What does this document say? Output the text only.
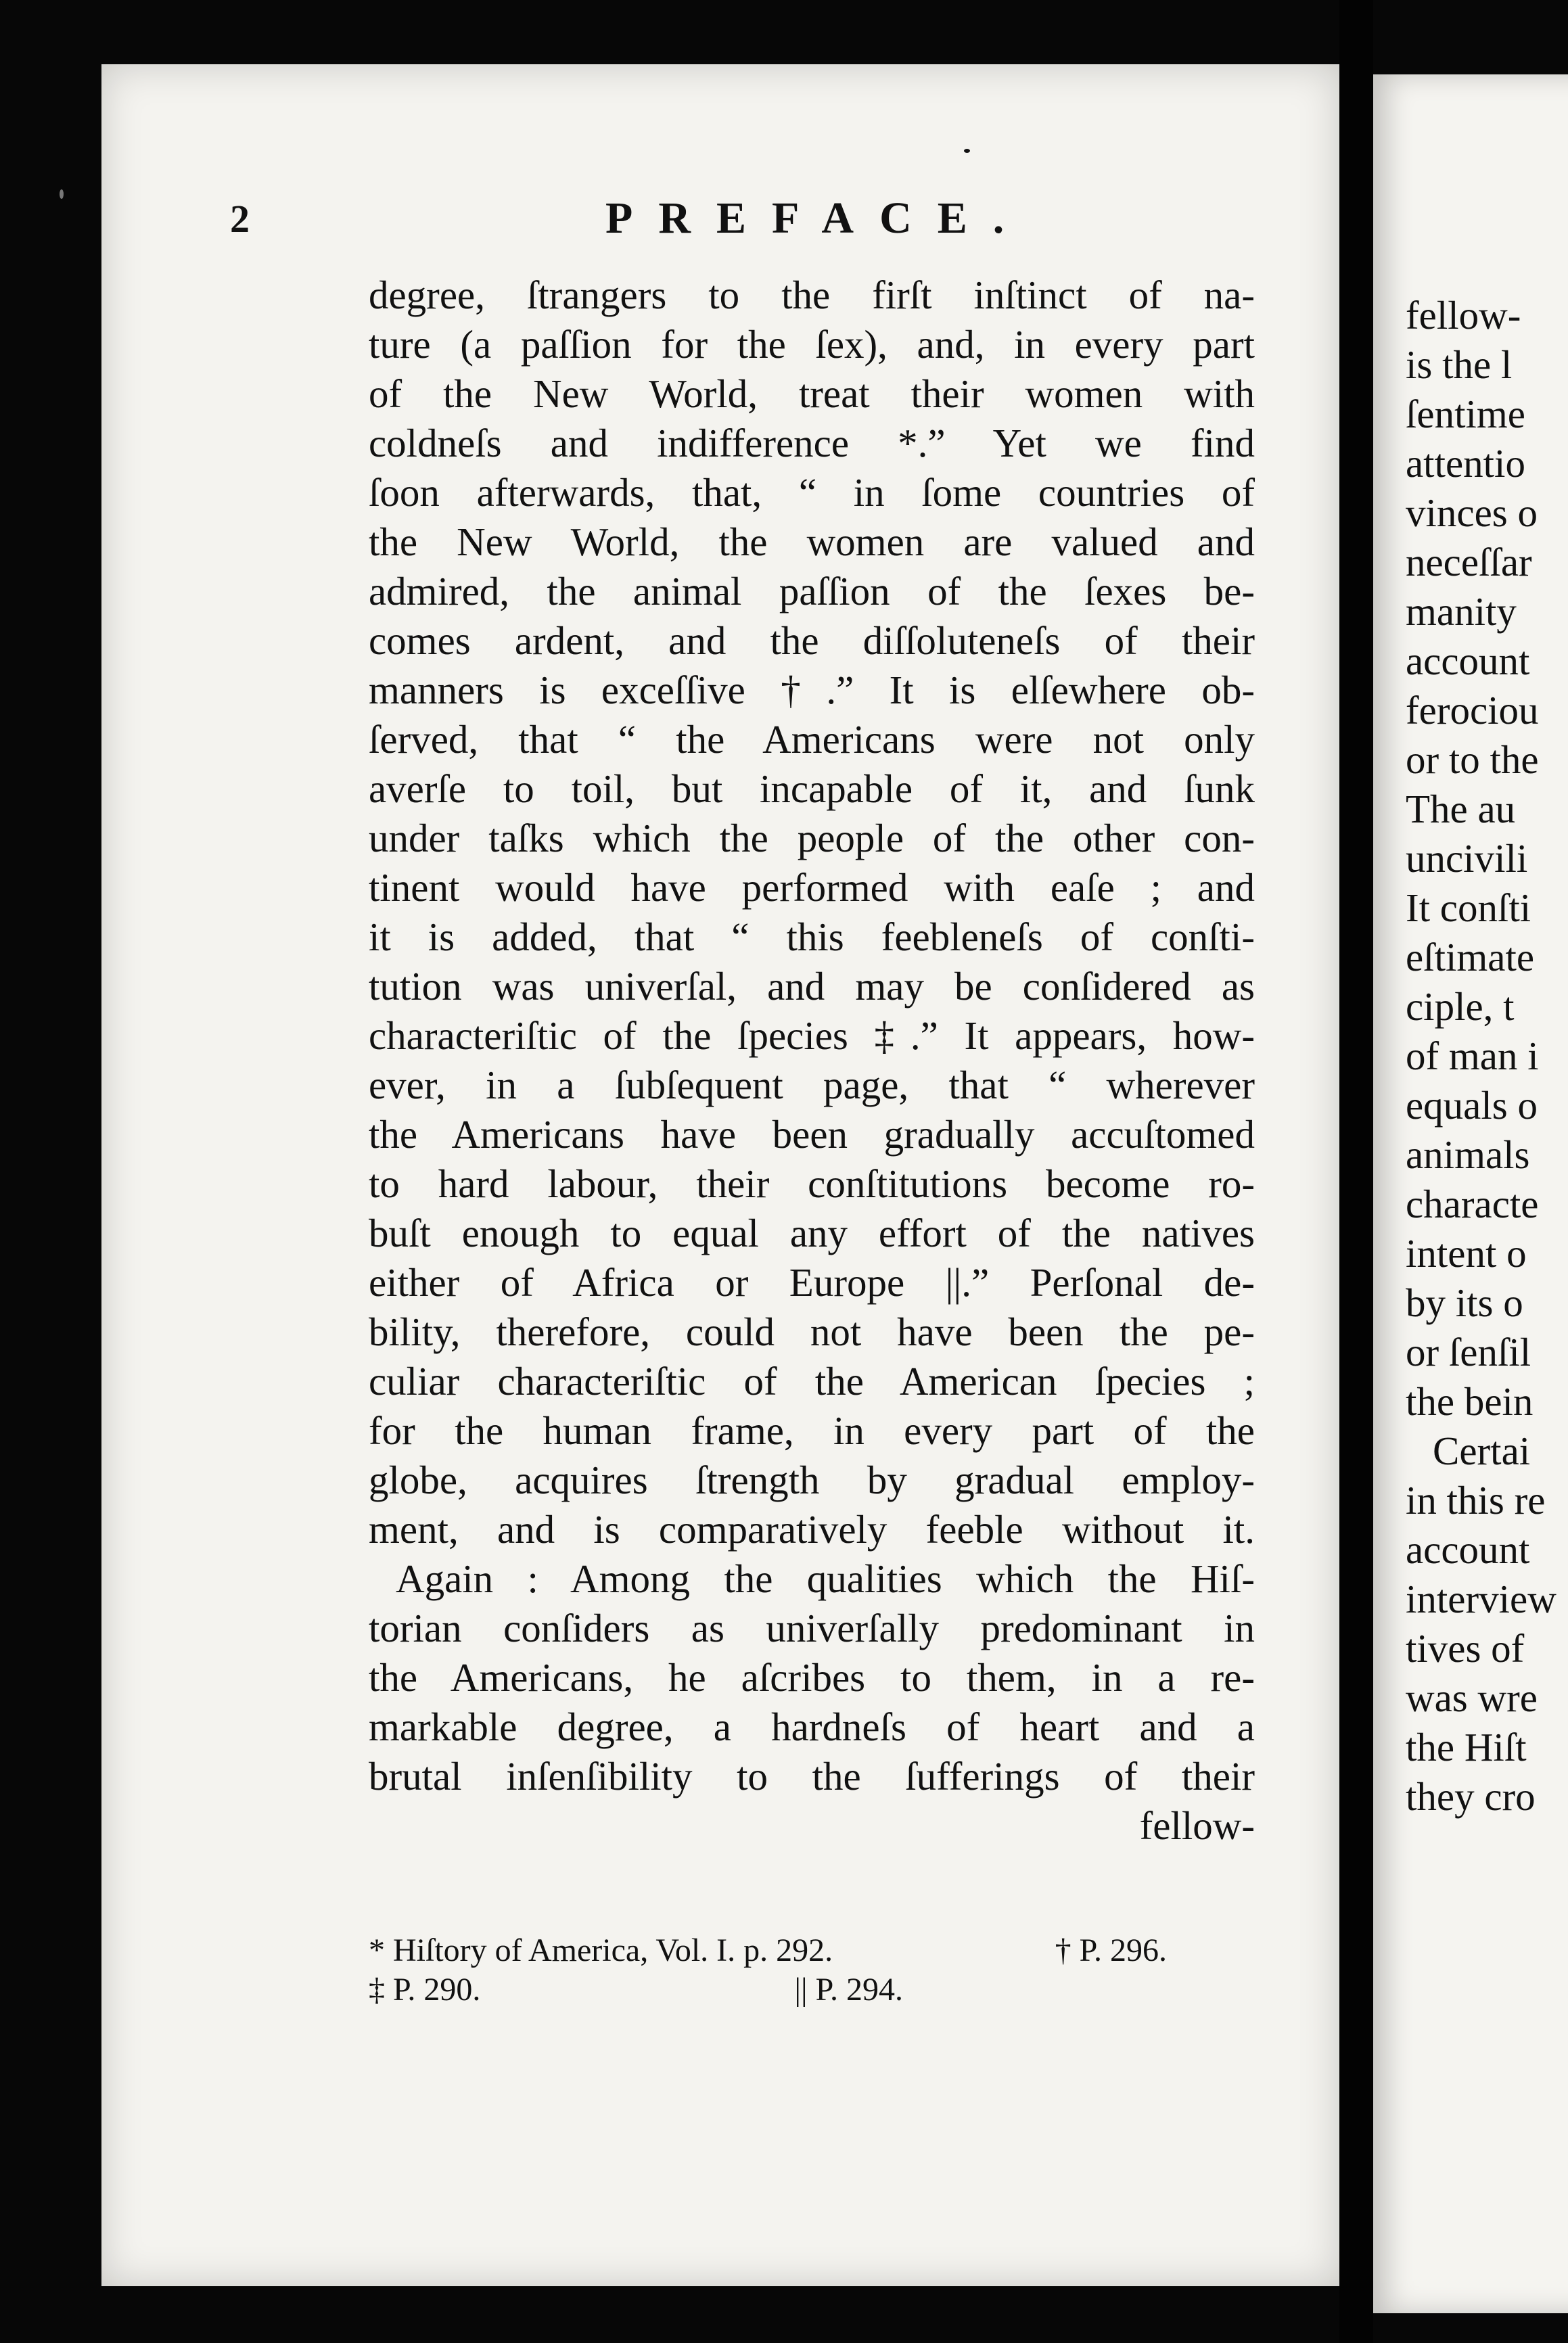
2	PREFACE.
degree, ſtrangers to the firſt inſtinct of na-
ture (a paſſion for the ſex), and, in every part
of the New World, treat their women with
coldneſs and indifference *.” Yet we find
ſoon afterwards, that, “ in ſome countries of
the New World, the women are valued and
admired, the animal paſſion of the ſexes be-
comes ardent, and the diſſoluteneſs of their
manners is exceſſive †.” It is elſewhere ob-
ſerved, that “ the Americans were not only
averſe to toil, but incapable of it, and ſunk
under taſks which the people of the other con-
tinent would have performed with eaſe ; and
it is added, that “ this feebleneſs of conſti-
tution was univerſal, and may be conſidered as
characteriſtic of the ſpecies ‡.” It appears, how-
ever, in a ſubſequent page, that “ wherever
the Americans have been gradually accuſtomed
to hard labour, their conſtitutions become ro-
buſt enough to equal any effort of the natives
either of Africa or Europe ||.” Perſonal de-
bility, therefore, could not have been the pe-
culiar characteriſtic of the American ſpecies ;
for the human frame, in every part of the
globe, acquires ſtrength by gradual employ-
ment, and is comparatively feeble without it.
Again : Among the qualities which the Hiſ-
torian conſiders as univerſally predominant in
the Americans, he aſcribes to them, in a re-
markable degree, a hardneſs of heart and a
brutal inſenſibility to the ſufferings of their
fellow-
* Hiſtory of America, Vol. I. p. 292.	† P. 296.
‡ P. 290.	|| P. 294.
fellow-
is the l
ſentime
attentio
vinces o
neceſſar
manity
account
ferociou
or to the
The au
uncivili
It conſti
eſtimate
ciple, t
of man i
equals o
animals
characte
intent o
by its o
or ſenſil
the bein
Certai
in this re
account
interview
tives of
was wre
the Hiſt
they cro
